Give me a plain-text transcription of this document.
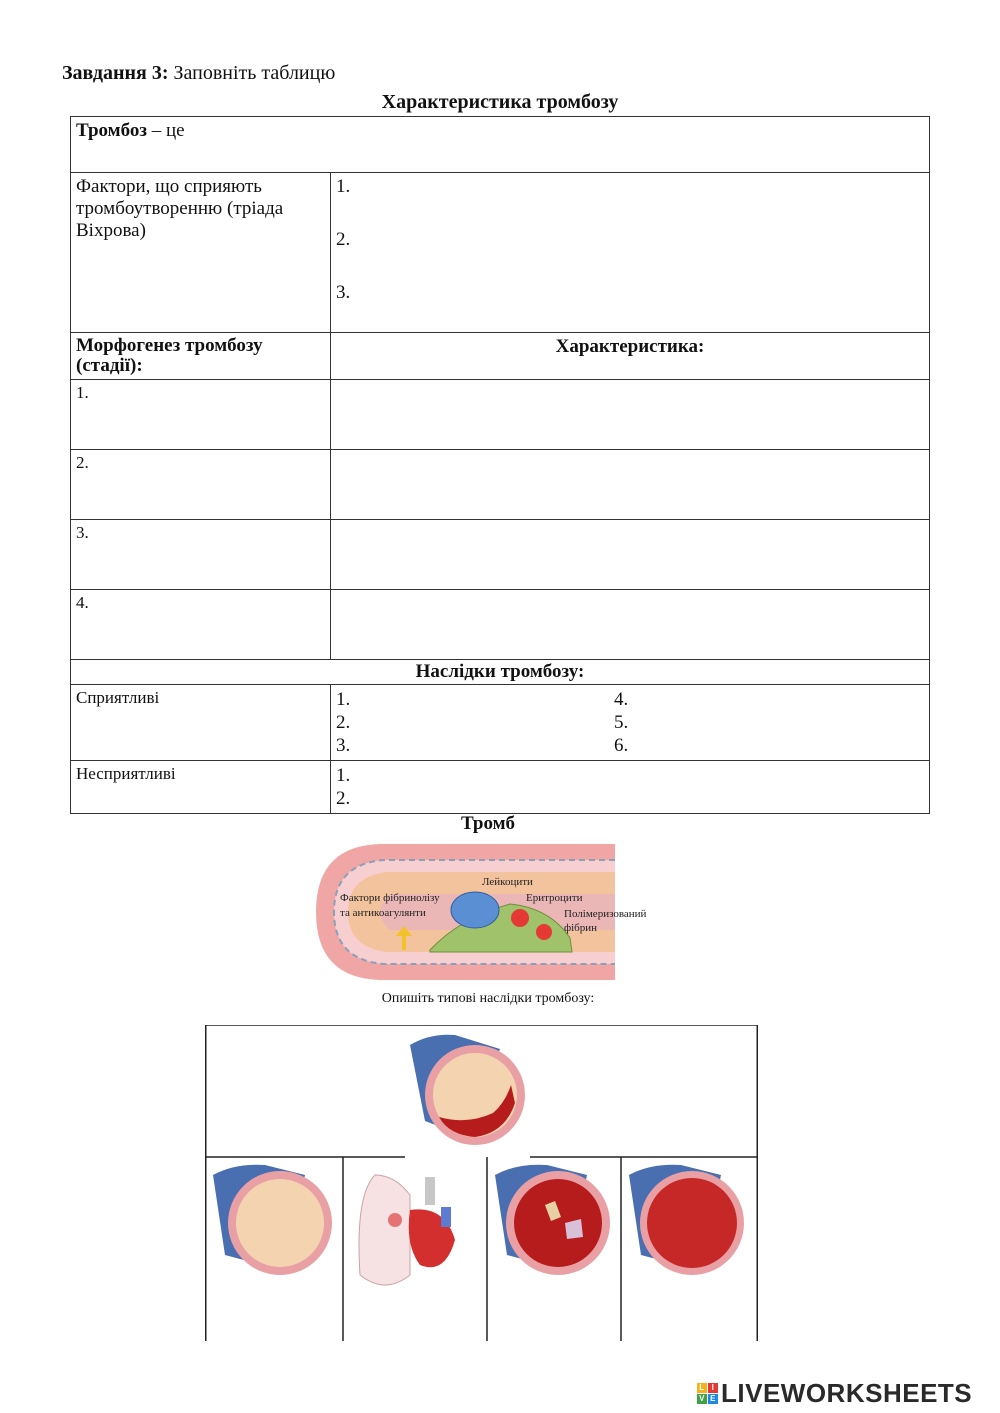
Завдання 3: Заповніть таблицю
Характеристика тромбозу
Тромбоз – це	
Фактори, що сприяють тромбоутворенню (тріада Віхрова)	1.
2.
3.

Морфогенез тромбозу (стадії):	Характеристика:
1.	
2.	
3.	
4.	
Наслідки тромбозу:	
Сприятливі	1. 4.
2. 5.
3. 6.

Несприятливі	1.
2.
Тромб
Лейкоцити
Фактори фібринолізу
та антикоагулянти
Еритроцити
Полімеризований
фібрин
Опишіть типові наслідки тромбозу:
L I
V E LIVEWORKSHEETS
